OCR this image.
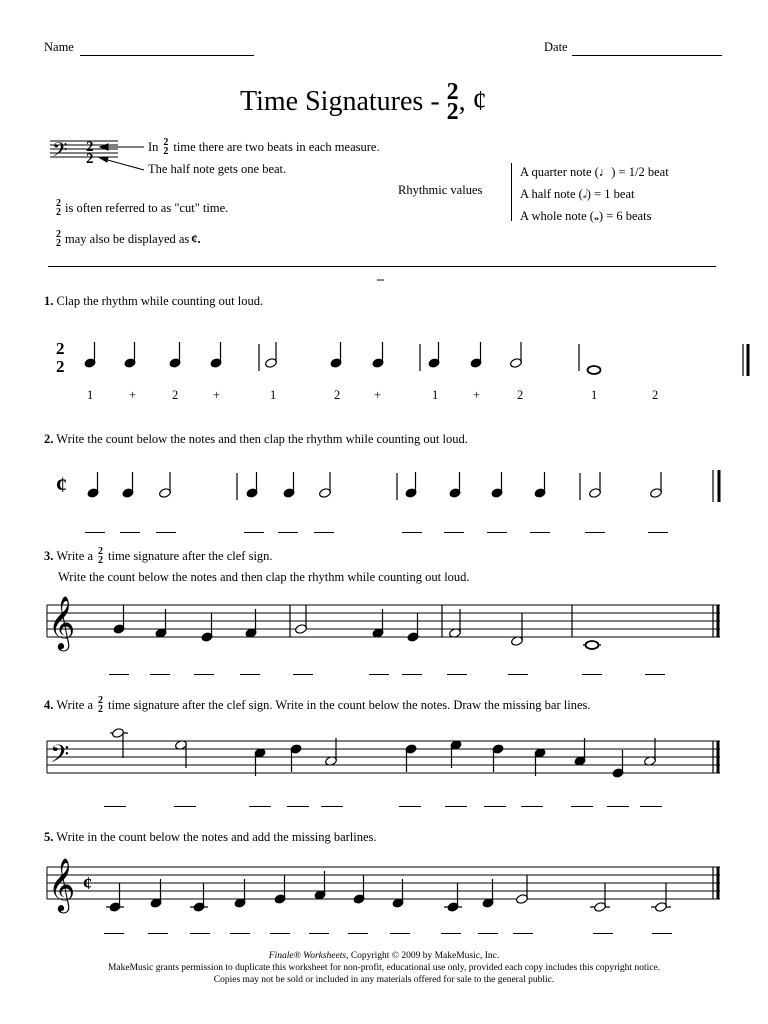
Name	Date
Time Signatures - 2
2 , ¢
𝄢 2
2
In 2
2 time there are two beats in each measure.
The half note gets one beat.
2
2 is often referred to as "cut" time.
2
2 may also be displayed as ¢.
Rhythmic values
A quarter note (♩) = 1/2 beat
A half note (𝅗𝅥) = 1 beat
A whole note (𝅝) = 6 beats
–
1. Clap the rhythm while counting out loud.
2
2
1	+	2	+	1	2	+	1	+	2	1	2
2. Write the count below the notes and then clap the rhythm while counting out loud.
¢
3. Write a 2
2 time signature after the clef sign.
Write the count below the notes and then clap the rhythm while counting out loud.
𝄞
4. Write a 2
2 time signature after the clef sign. Write in the count below the notes. Draw the missing bar lines.
𝄢
5. Write in the count below the notes and add the missing barlines.
𝄞 ¢
Finale® Worksheets, Copyright © 2009 by MakeMusic, Inc.
MakeMusic grants permission to duplicate this worksheet for non-profit, educational use only, provided each copy includes this copyright notice.
Copies may not be sold or included in any materials offered for sale to the general public.
